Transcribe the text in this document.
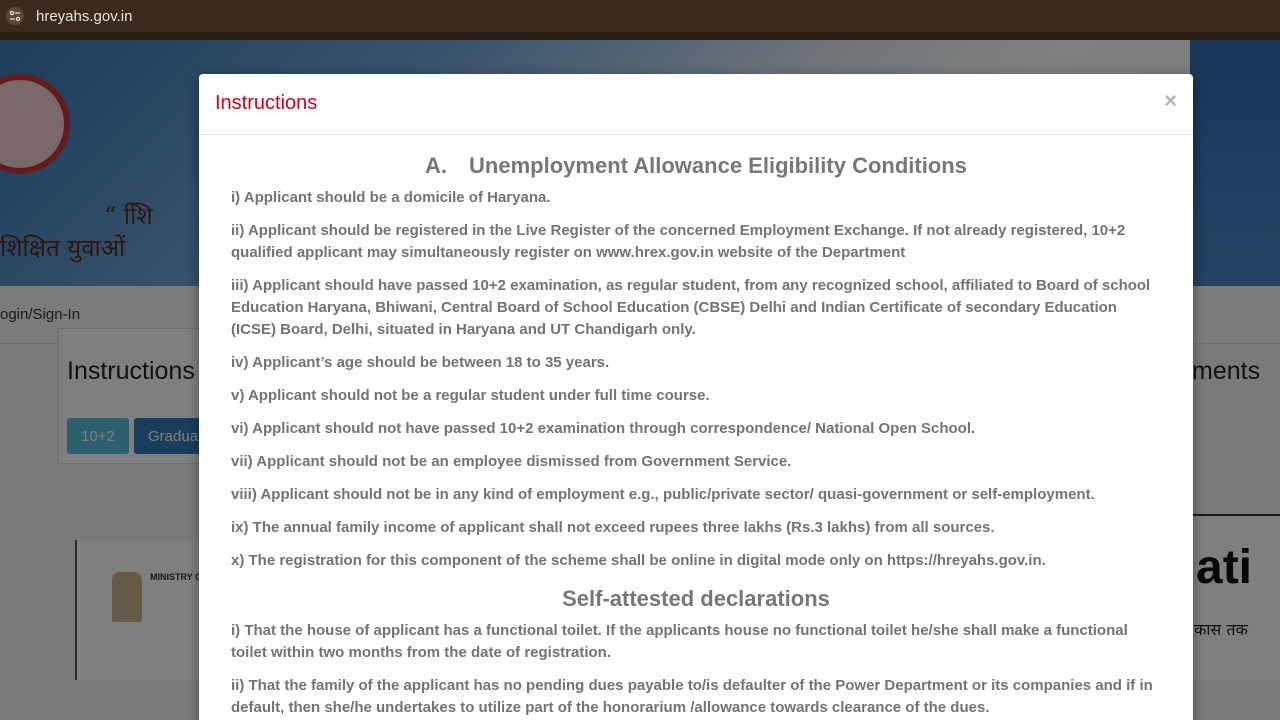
hreyahs.gov.in
Instructions	×
A. Unemployment Allowance Eligibility Conditions
i) Applicant should be a domicile of Haryana.
ii) Applicant should be registered in the Live Register of the concerned Employment Exchange. If not already registered, 10+2 qualified applicant may simultaneously register on www.hrex.gov.in website of the Department
iii) Applicant should have passed 10+2 examination, as regular student, from any recognized school, affiliated to Board of school Education Haryana, Bhiwani, Central Board of School Education (CBSE) Delhi and Indian Certificate of secondary Education (ICSE) Board, Delhi, situated in Haryana and UT Chandigarh only.
iv) Applicant’s age should be between 18 to 35 years.
v) Applicant should not be a regular student under full time course.
vi) Applicant should not have passed 10+2 examination through correspondence/ National Open School.
vii) Applicant should not be an employee dismissed from Government Service.
viii) Applicant should not be in any kind of employment e.g., public/private sector/ quasi-government or self-employment.
ix) The annual family income of applicant shall not exceed rupees three lakhs (Rs.3 lakhs) from all sources.
x) The registration for this component of the scheme shall be online in digital mode only on https://hreyahs.gov.in.
Self-attested declarations
i) That the house of applicant has a functional toilet. If the applicants house no functional toilet he/she shall make a functional toilet within two months from the date of registration.
ii) That the family of the applicant has no pending dues payable to/is defaulter of the Power Department or its companies and if in default, then she/he undertakes to utilize part of the honorarium /allowance towards clearance of the dues.
